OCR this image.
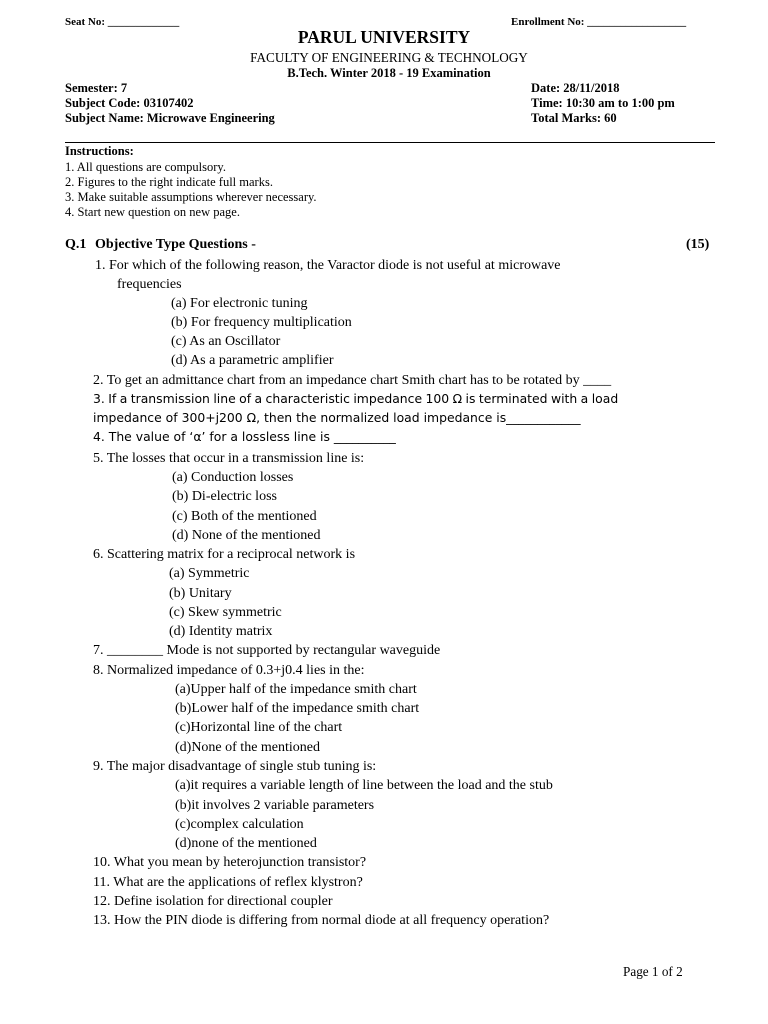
Seat No: _____________	Enrollment No: __________________
PARUL UNIVERSITY
FACULTY OF ENGINEERING & TECHNOLOGY
B.Tech. Winter 2018 - 19 Examination
Semester: 7
Subject Code: 03107402
Subject Name: Microwave Engineering
Date: 28/11/2018
Time: 10:30 am to 1:00 pm
Total Marks: 60
Instructions:
1. All questions are compulsory.
2. Figures to the right indicate full marks.
3. Make suitable assumptions wherever necessary.
4. Start new question on new page.
Q.1 Objective Type Questions -	(15)
1. For which of the following reason, the Varactor diode is not useful at microwave
frequencies
(a) For electronic tuning
(b) For frequency multiplication
(c) As an Oscillator
(d) As a parametric amplifier
2. To get an admittance chart from an impedance chart Smith chart has to be rotated by ____
3. If a transmission line of a characteristic impedance 100 Ω is terminated with a load
impedance of 300+j200 Ω, then the normalized load impedance is____________
4. The value of ‘α’ for a lossless line is __________
5. The losses that occur in a transmission line is:
(a) Conduction losses
(b) Di-electric loss
(c) Both of the mentioned
(d) None of the mentioned
6. Scattering matrix for a reciprocal network is
(a) Symmetric
(b) Unitary
(c) Skew symmetric
(d) Identity matrix
7. ________ Mode is not supported by rectangular waveguide
8. Normalized impedance of 0.3+j0.4 lies in the:
(a)Upper half of the impedance smith chart
(b)Lower half of the impedance smith chart
(c)Horizontal line of the chart
(d)None of the mentioned
9. The major disadvantage of single stub tuning is:
(a)it requires a variable length of line between the load and the stub
(b)it involves 2 variable parameters
(c)complex calculation
(d)none of the mentioned
10. What you mean by heterojunction transistor?
11. What are the applications of reflex klystron?
12. Define isolation for directional coupler
13. How the PIN diode is differing from normal diode at all frequency operation?
Page 1 of 2
